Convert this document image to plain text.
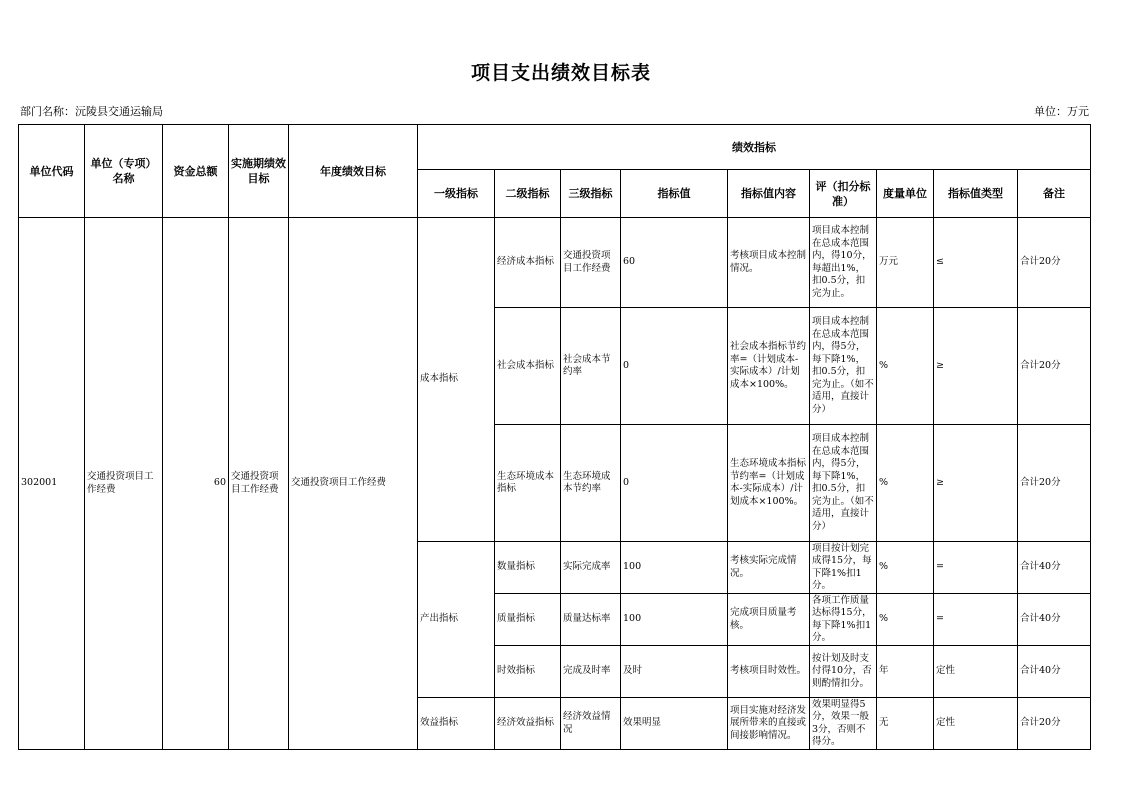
项目支出绩效目标表
部门名称：沅陵县交通运输局	单位：万元
单位代码	单位（专项）名称	资金总额	实施期绩效目标	年度绩效目标	绩效指标								
					一级指标	二级指标	三级指标	指标值	指标值内容	评（扣分标准）	度量单位	指标值类型	备注
302001	交通投资项目工作经费	60	交通投资项目工作经费	交通投资项目工作经费	成本指标	经济成本指标	交通投资项目工作经费	60	考核项目成本控制情况。	项目成本控制在总成本范围内，得10分，每超出1%，扣0.5分，扣完为止。	万元	≤	合计20分
						社会成本指标	社会成本节约率	0	社会成本指标节约率=（计划成本-实际成本）/计划成本×100%。	项目成本控制在总成本范围内，得5分，每下降1%，扣0.5分，扣完为止。（如不适用，直接计分）	%	≥	合计20分
						生态环境成本指标	生态环境成本节约率	0	生态环境成本指标节约率=（计划成本-实际成本）/计划成本×100%。	项目成本控制在总成本范围内，得5分，每下降1%，扣0.5分，扣完为止。（如不适用，直接计分）	%	≥	合计20分
					产出指标	数量指标	实际完成率	100	考核实际完成情况。	项目按计划完成得15分，每下降1%扣1分。	%	=	合计40分
						质量指标	质量达标率	100	完成项目质量考核。	各项工作质量达标得15分，每下降1%扣1分。	%	=	合计40分
						时效指标	完成及时率	及时	考核项目时效性。	按计划及时支付得10分，否则酌情扣分。	年	定性	合计40分
					效益指标	经济效益指标	经济效益情况	效果明显	项目实施对经济发展所带来的直接或间接影响情况。	效果明显得5分，效果一般3分，否则不得分。	无	定性	合计20分
